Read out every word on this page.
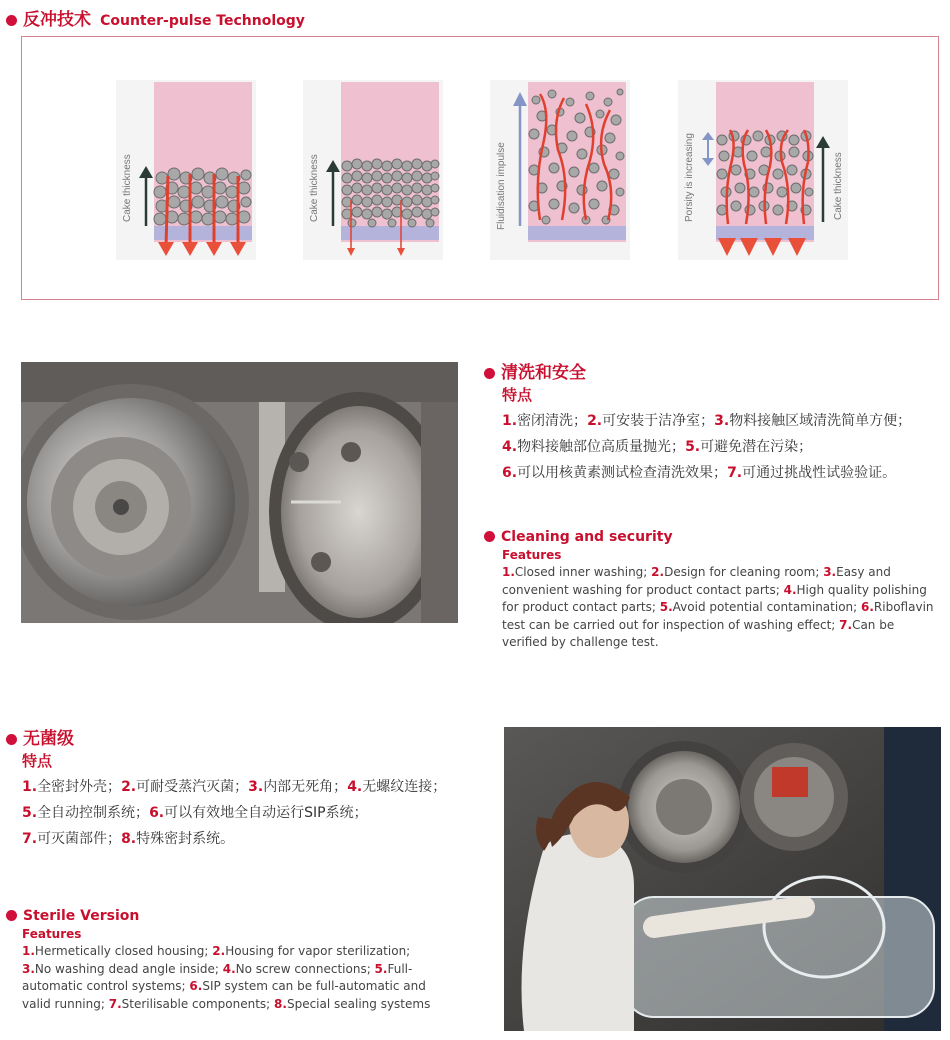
反冲技术 Counter-pulse Technology
Cake thickness	Cake thickness	Fluidisation impulse	Porsity is increasing	Cake thickness
清洗和安全
特点
1.密闭清洗；2.可安装于洁净室；3.物料接触区域清洗简单方便；
4.物料接触部位高质量抛光；5.可避免潜在污染；
6.可以用核黄素测试检查清洗效果；7.可通过挑战性试验验证。
Cleaning and security
Features
1.Closed inner washing; 2.Design for cleaning room; 3.Easy and convenient washing for product contact parts; 4.High quality polishing for product contact parts; 5.Avoid potential contamination; 6.Riboflavin test can be carried out for inspection of washing effect; 7.Can be verified by challenge test.
无菌级
特点
1.全密封外壳；2.可耐受蒸汽灭菌；3.内部无死角；4.无螺纹连接；
5.全自动控制系统；6.可以有效地全自动运行SIP系统；
7.可灭菌部件；8.特殊密封系统。
Sterile Version
Features
1.Hermetically closed housing; 2.Housing for vapor sterilization; 3.No washing dead angle inside; 4.No screw connections; 5.Full-automatic control systems; 6.SIP system can be full-automatic and valid running; 7.Sterilisable components; 8.Special sealing systems
